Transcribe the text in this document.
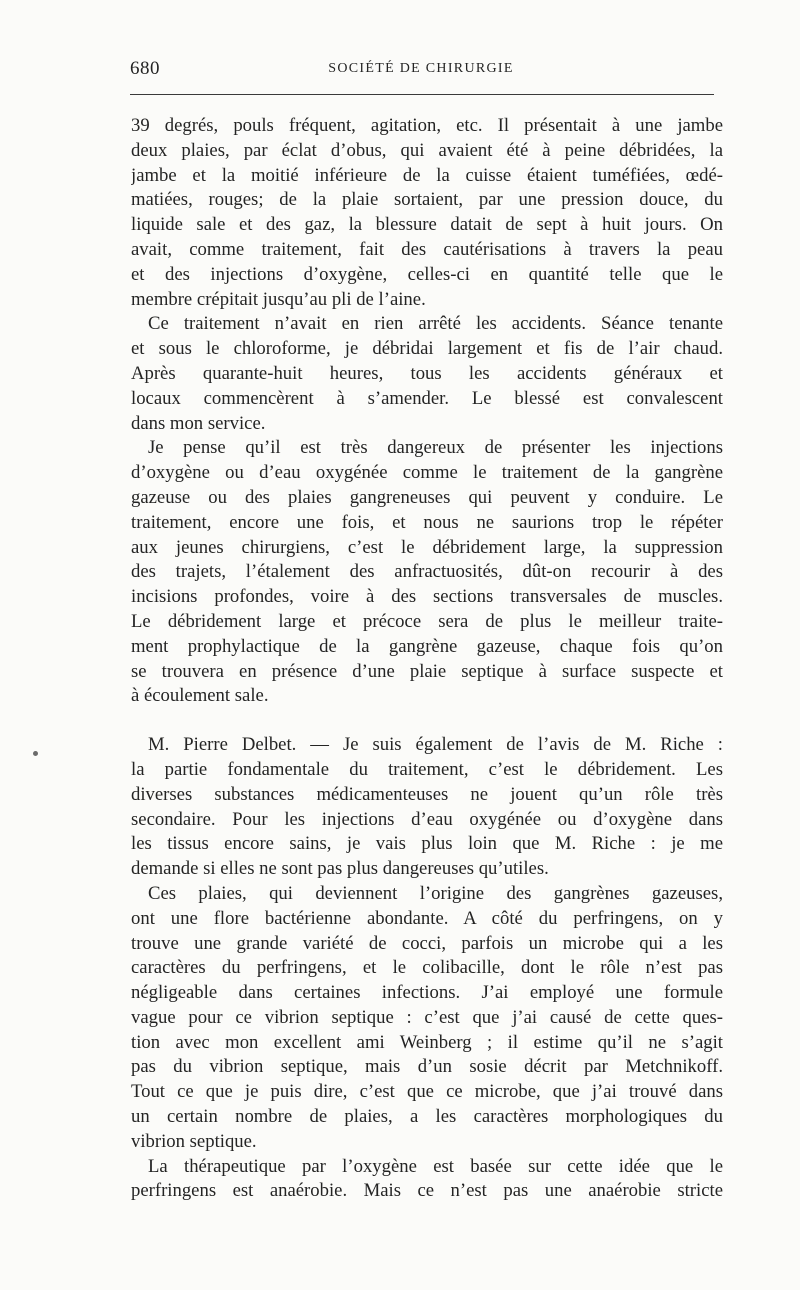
680	SOCIÉTÉ DE CHIRURGIE
39 degrés, pouls fréquent, agitation, etc. Il présentait à une jambe
deux plaies, par éclat d’obus, qui avaient été à peine débridées, la
jambe et la moitié inférieure de la cuisse étaient tuméfiées, œdé-
matiées, rouges; de la plaie sortaient, par une pression douce, du
liquide sale et des gaz, la blessure datait de sept à huit jours. On
avait, comme traitement, fait des cautérisations à travers la peau
et des injections d’oxygène, celles-ci en quantité telle que le
membre crépitait jusqu’au pli de l’aine.
Ce traitement n’avait en rien arrêté les accidents. Séance tenante
et sous le chloroforme, je débridai largement et fis de l’air chaud.
Après quarante-huit heures, tous les accidents généraux et
locaux commencèrent à s’amender. Le blessé est convalescent
dans mon service.
Je pense qu’il est très dangereux de présenter les injections
d’oxygène ou d’eau oxygénée comme le traitement de la gangrène
gazeuse ou des plaies gangreneuses qui peuvent y conduire. Le
traitement, encore une fois, et nous ne saurions trop le répéter
aux jeunes chirurgiens, c’est le débridement large, la suppression
des trajets, l’étalement des anfractuosités, dût-on recourir à des
incisions profondes, voire à des sections transversales de muscles.
Le débridement large et précoce sera de plus le meilleur traite-
ment prophylactique de la gangrène gazeuse, chaque fois qu’on
se trouvera en présence d’une plaie septique à surface suspecte et
à écoulement sale.
M. Pierre Delbet. — Je suis également de l’avis de M. Riche :
la partie fondamentale du traitement, c’est le débridement. Les
diverses substances médicamenteuses ne jouent qu’un rôle très
secondaire. Pour les injections d’eau oxygénée ou d’oxygène dans
les tissus encore sains, je vais plus loin que M. Riche : je me
demande si elles ne sont pas plus dangereuses qu’utiles.
Ces plaies, qui deviennent l’origine des gangrènes gazeuses,
ont une flore bactérienne abondante. A côté du perfringens, on y
trouve une grande variété de cocci, parfois un microbe qui a les
caractères du perfringens, et le colibacille, dont le rôle n’est pas
négligeable dans certaines infections. J’ai employé une formule
vague pour ce vibrion septique : c’est que j’ai causé de cette ques-
tion avec mon excellent ami Weinberg ; il estime qu’il ne s’agit
pas du vibrion septique, mais d’un sosie décrit par Metchnikoff.
Tout ce que je puis dire, c’est que ce microbe, que j’ai trouvé dans
un certain nombre de plaies, a les caractères morphologiques du
vibrion septique.
La thérapeutique par l’oxygène est basée sur cette idée que le
perfringens est anaérobie. Mais ce n’est pas une anaérobie stricte
